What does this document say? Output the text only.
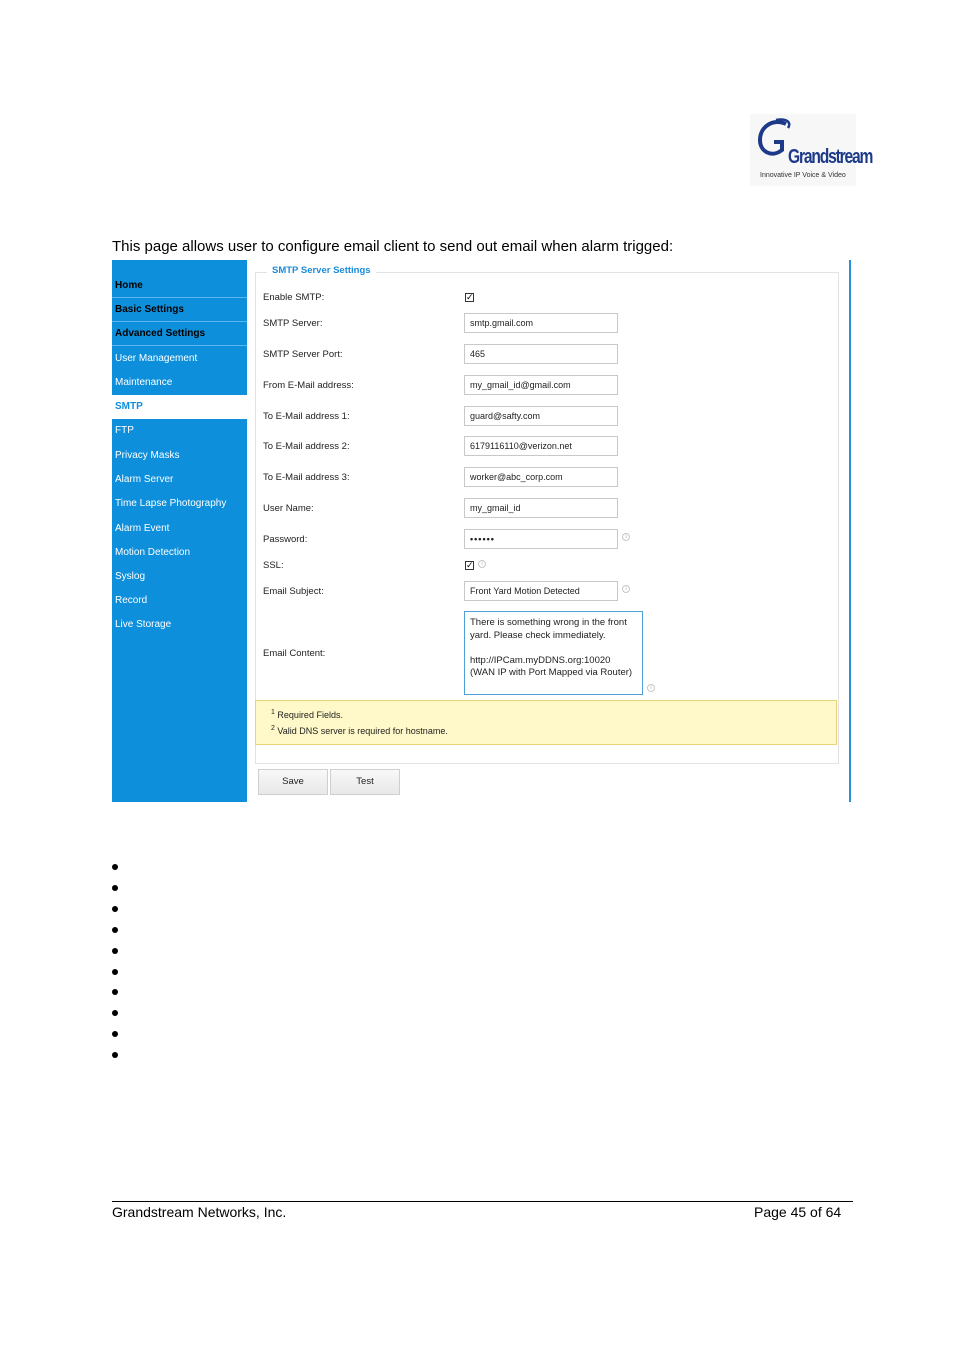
Grandstream
Innovative IP Voice & Video
This page allows user to configure email client to send out email when alarm trigged:
Home
Basic Settings
Advanced Settings
User Management
Maintenance
SMTP
FTP
Privacy Masks
Alarm Server
Time Lapse Photography
Alarm Event
Motion Detection
Syslog
Record
Live Storage
SMTP Server Settings
Enable SMTP:	✓
SMTP Server:	smtp.gmail.com
SMTP Server Port:	465
From E-Mail address:	my_gmail_id@gmail.com
To E-Mail address 1:	guard@safty.com
To E-Mail address 2:	6179116110@verizon.net
To E-Mail address 3:	worker@abc_corp.com
User Name:	my_gmail_id
Password:	••••••	i
SSL:	✓	i
Email Subject:	Front Yard Motion Detected	i
Email Content:
There is something wrong in the front yard. Please check immediately.

http://IPCam.myDDNS.org:10020
(WAN IP with Port Mapped via Router)
i
$^1$ Required Fields.
$^2$ Valid DNS server is required for hostname.
Save	Test
Grandstream Networks, Inc.	Page 45 of 64
